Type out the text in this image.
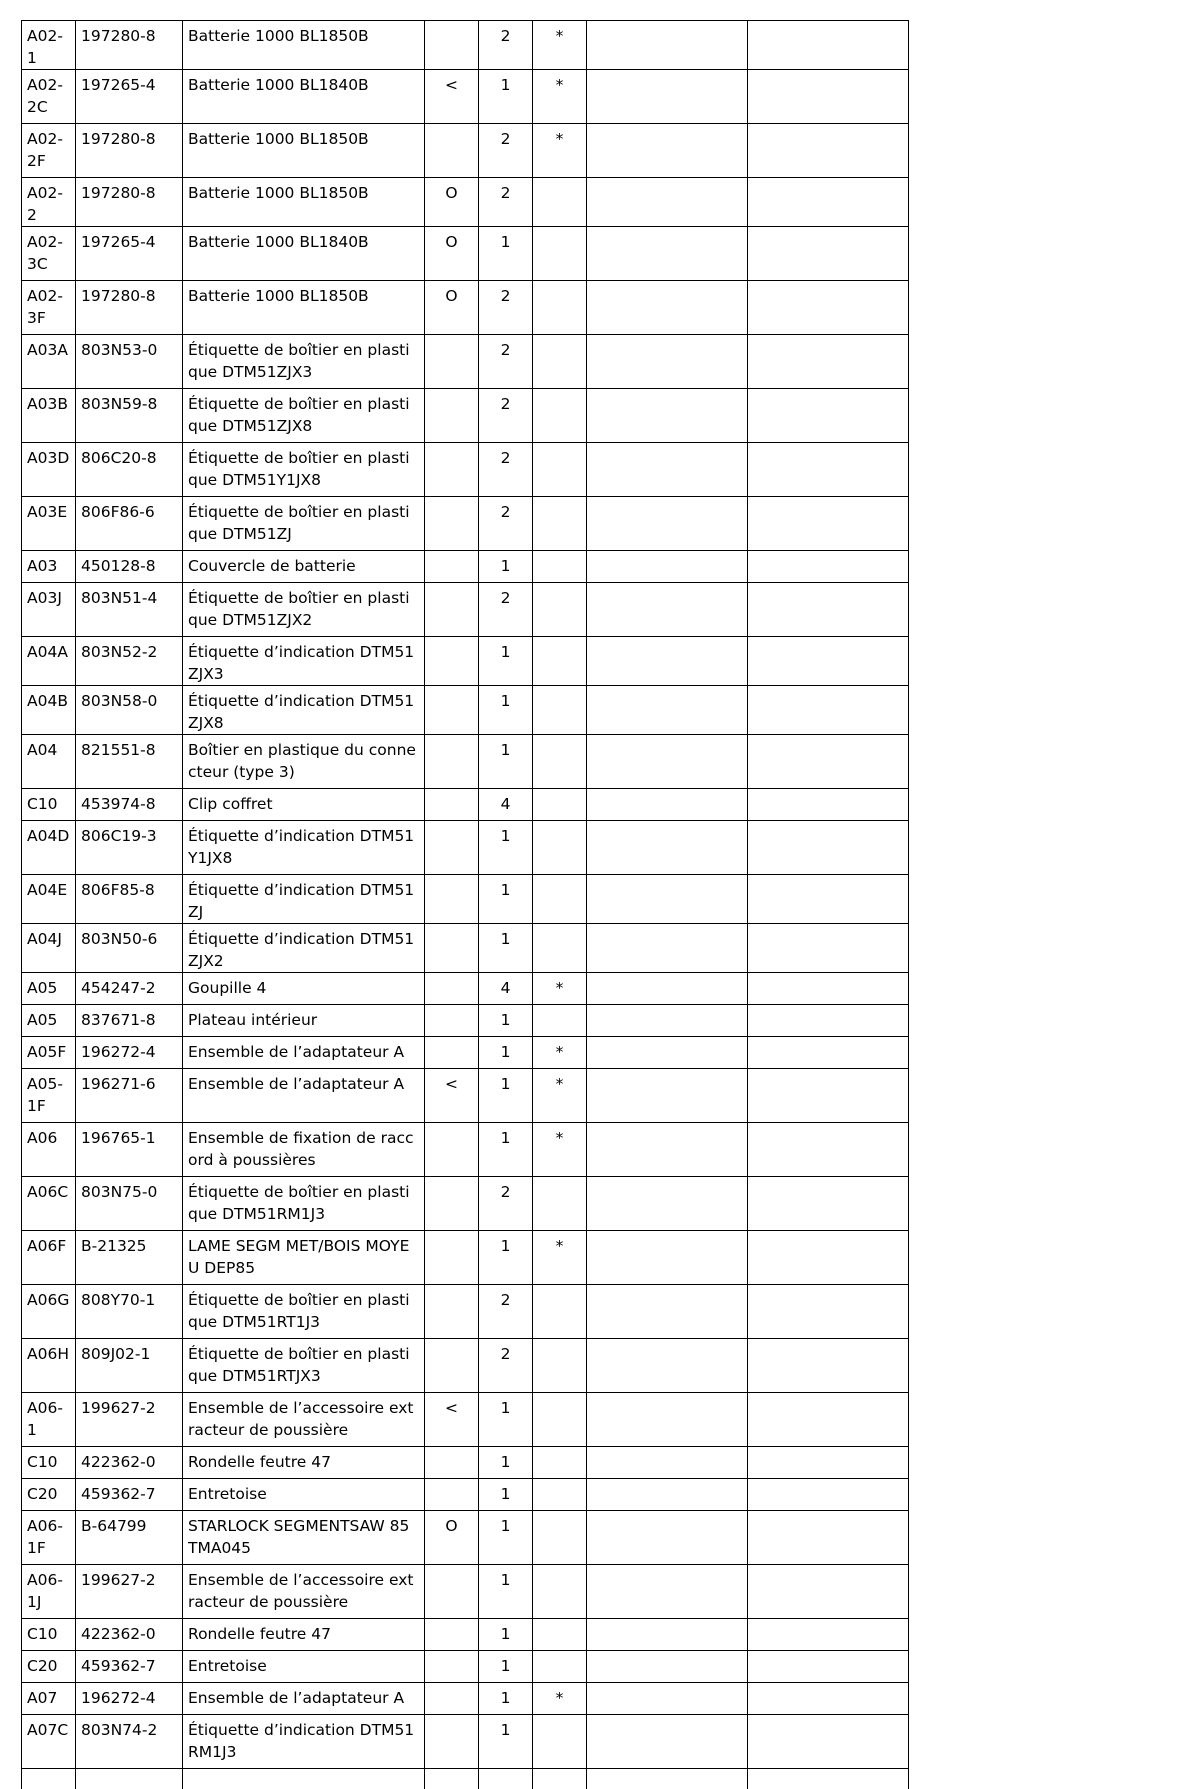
A02-1	197280-8	Batterie 1000 BL1850B		2	*		
A02-2C	197265-4	Batterie 1000 BL1840B	<	1	*		
A02-2F	197280-8	Batterie 1000 BL1850B		2	*		
A02-2	197280-8	Batterie 1000 BL1850B	O	2			
A02-3C	197265-4	Batterie 1000 BL1840B	O	1			
A02-3F	197280-8	Batterie 1000 BL1850B	O	2			
A03A	803N53-0	Étiquette de boîtier en plastique DTM51ZJX3		2			
A03B	803N59-8	Étiquette de boîtier en plastique DTM51ZJX8		2			
A03D	806C20-8	Étiquette de boîtier en plastique DTM51Y1JX8		2			
A03E	806F86-6	Étiquette de boîtier en plastique DTM51ZJ		2			
A03	450128-8	Couvercle de batterie		1			
A03J	803N51-4	Étiquette de boîtier en plastique DTM51ZJX2		2			
A04A	803N52-2	Étiquette d’indication DTM51ZJX3		1			
A04B	803N58-0	Étiquette d’indication DTM51ZJX8		1			
A04	821551-8	Boîtier en plastique du connecteur (type 3)		1			
C10	453974-8	Clip coffret		4			
A04D	806C19-3	Étiquette d’indication DTM51Y1JX8		1			
A04E	806F85-8	Étiquette d’indication DTM51ZJ		1			
A04J	803N50-6	Étiquette d’indication DTM51ZJX2		1			
A05	454247-2	Goupille 4		4	*		
A05	837671-8	Plateau intérieur		1			
A05F	196272-4	Ensemble de l’adaptateur A		1	*		
A05-1F	196271-6	Ensemble de l’adaptateur A	<	1	*		
A06	196765-1	Ensemble de fixation de raccord à poussières		1	*		
A06C	803N75-0	Étiquette de boîtier en plastique DTM51RM1J3		2			
A06F	B-21325	LAME SEGM MET/BOIS MOYEU DEP85		1	*		
A06G	808Y70-1	Étiquette de boîtier en plastique DTM51RT1J3		2			
A06H	809J02-1	Étiquette de boîtier en plastique DTM51RTJX3		2			
A06-1	199627-2	Ensemble de l’accessoire extracteur de poussière	<	1			
C10	422362-0	Rondelle feutre 47		1			
C20	459362-7	Entretoise		1			
A06-1F	B-64799	STARLOCK SEGMENTSAW 85 TMA045	O	1			
A06-1J	199627-2	Ensemble de l’accessoire extracteur de poussière		1			
C10	422362-0	Rondelle feutre 47		1			
C20	459362-7	Entretoise		1			
A07	196272-4	Ensemble de l’adaptateur A		1	*		
A07C	803N74-2	Étiquette d’indication DTM51RM1J3		1			
